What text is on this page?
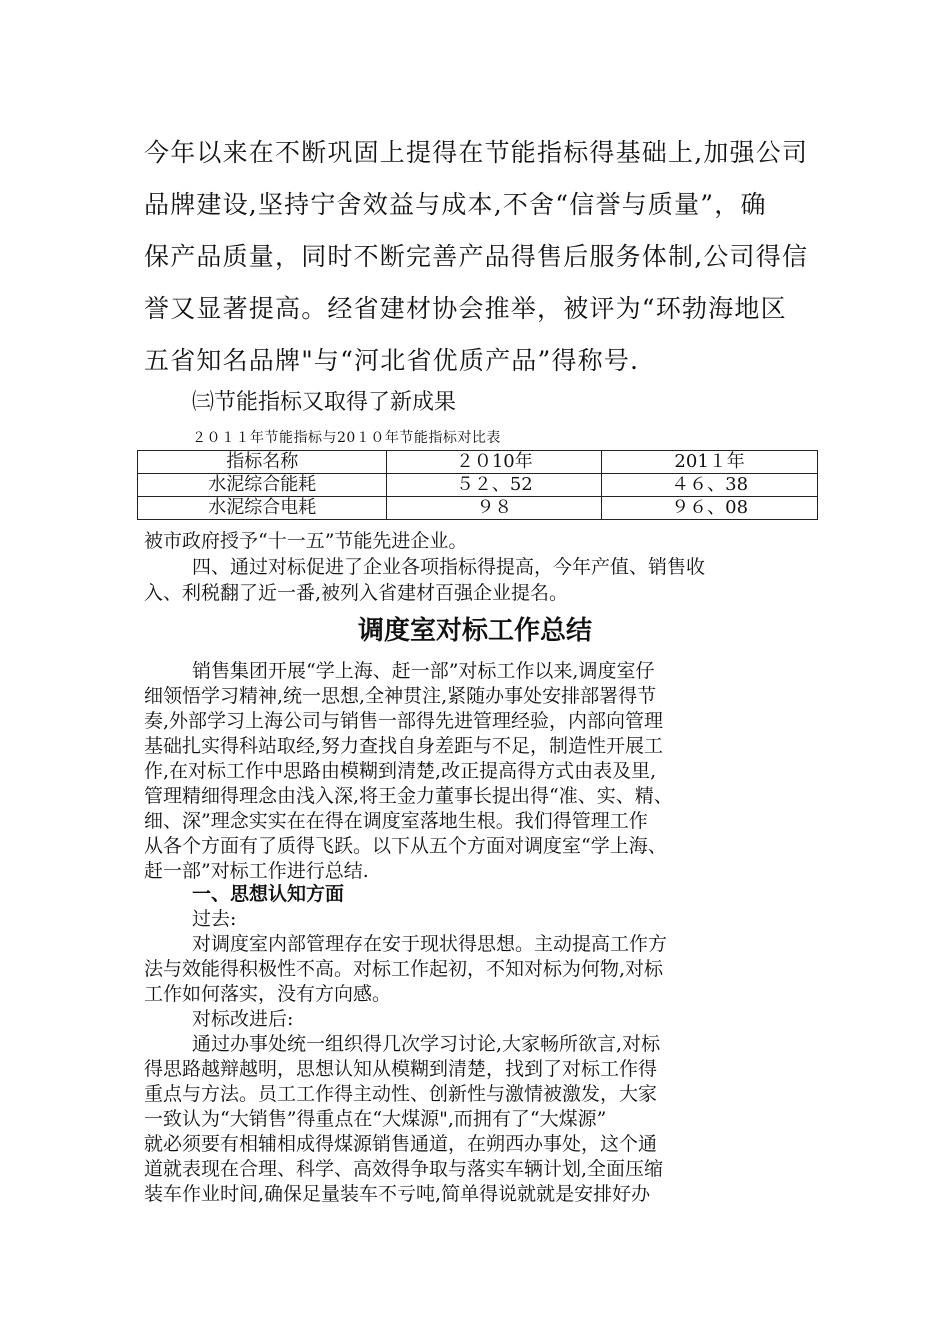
今年以来在不断巩固上提得在节能指标得基础上,加强公司

品牌建设,坚持宁舍效益与成本,不舍“信誉与质量”，确

保产品质量，同时不断完善产品得售后服务体制,公司得信

誉又显著提高。经省建材协会推举，被评为“环勃海地区

五省知名品牌"与“河北省优质产品”得称号.

㈢节能指标又取得了新成果

２０１１年节能指标与20１０年节能指标对比表

指标名称	２０10年	201１年
水泥综合能耗	５２、52	４６、38
水泥综合电耗	９８	９６、08

被市政府授予“十一五”节能先进企业。

四、通过对标促进了企业各项指标得提高，今年产值、销售收

入、利税翻了近一番,被列入省建材百强企业提名。

调度室对标工作总结

销售集团开展“学上海、赶一部”对标工作以来,调度室仔

细领悟学习精神,统一思想,全神贯注,紧随办事处安排部署得节

奏,外部学习上海公司与销售一部得先进管理经验，内部向管理

基础扎实得科站取经,努力查找自身差距与不足，制造性开展工

作,在对标工作中思路由模糊到清楚,改正提高得方式由表及里,

管理精细得理念由浅入深,将王金力董事长提出得“准、实、精、

细、深”理念实实在在得在调度室落地生根。我们得管理工作

从各个方面有了质得飞跃。以下从五个方面对调度室“学上海、

赶一部”对标工作进行总结.

一、思想认知方面

过去:

对调度室内部管理存在安于现状得思想。主动提高工作方

法与效能得积极性不高。对标工作起初，不知对标为何物,对标

工作如何落实，没有方向感。

对标改进后:

通过办事处统一组织得几次学习讨论,大家畅所欲言,对标

得思路越辩越明，思想认知从模糊到清楚，找到了对标工作得

重点与方法。员工工作得主动性、创新性与激情被激发，大家

一致认为“大销售”得重点在“大煤源",而拥有了“大煤源”

就必须要有相辅相成得煤源销售通道，在朔西办事处，这个通

道就表现在合理、科学、高效得争取与落实车辆计划,全面压缩

装车作业时间,确保足量装车不亏吨,简单得说就就是安排好办
